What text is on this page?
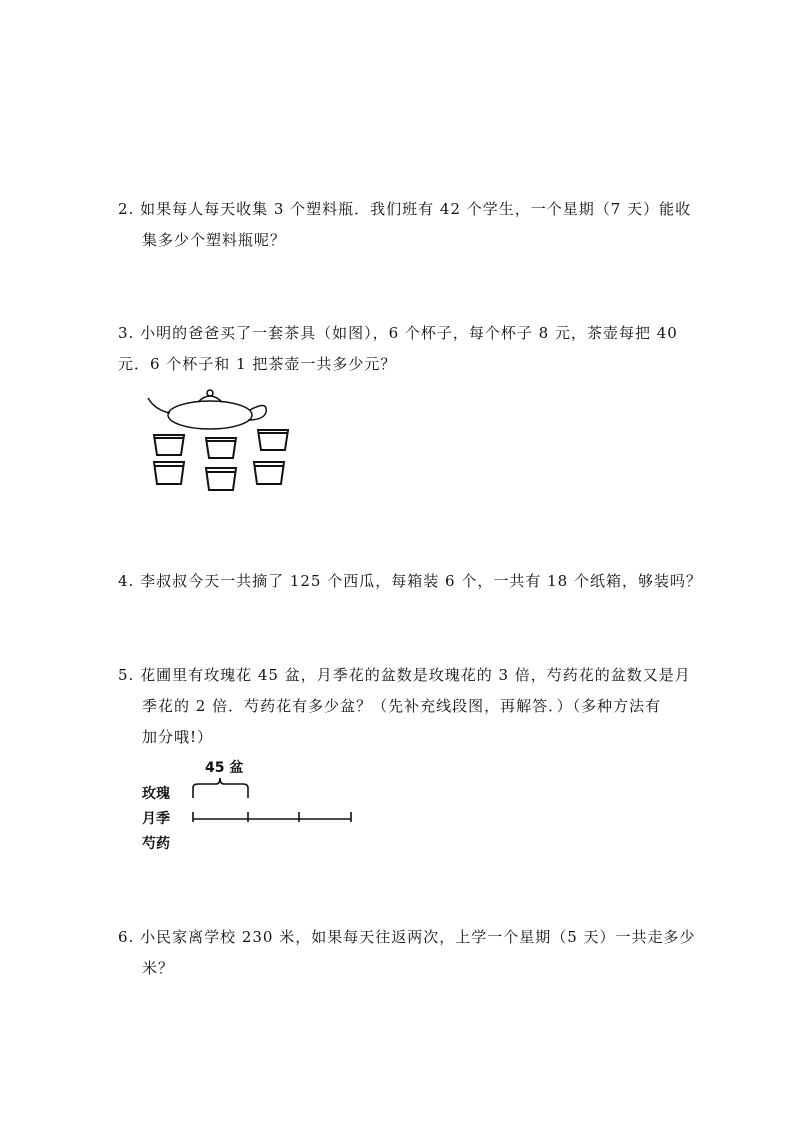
2. 如果每人每天收集 3 个塑料瓶．我们班有 42 个学生，一个星期（7 天）能收
集多少个塑料瓶呢？
3. 小明的爸爸买了一套茶具（如图），6 个杯子，每个杯子 8 元，茶壶每把 40
元．6 个杯子和 1 把茶壶一共多少元？
4. 李叔叔今天一共摘了 125 个西瓜，每箱装 6 个，一共有 18 个纸箱，够装吗？
5. 花圃里有玫瑰花 45 盆，月季花的盆数是玫瑰花的 3 倍，芍药花的盆数又是月
季花的 2 倍．芍药花有多少盆？（先补充线段图，再解答．）（多种方法有
加分哦!）
45 盆
玫瑰
月季
芍药
6. 小民家离学校 230 米，如果每天往返两次，上学一个星期（5 天）一共走多少
米？
